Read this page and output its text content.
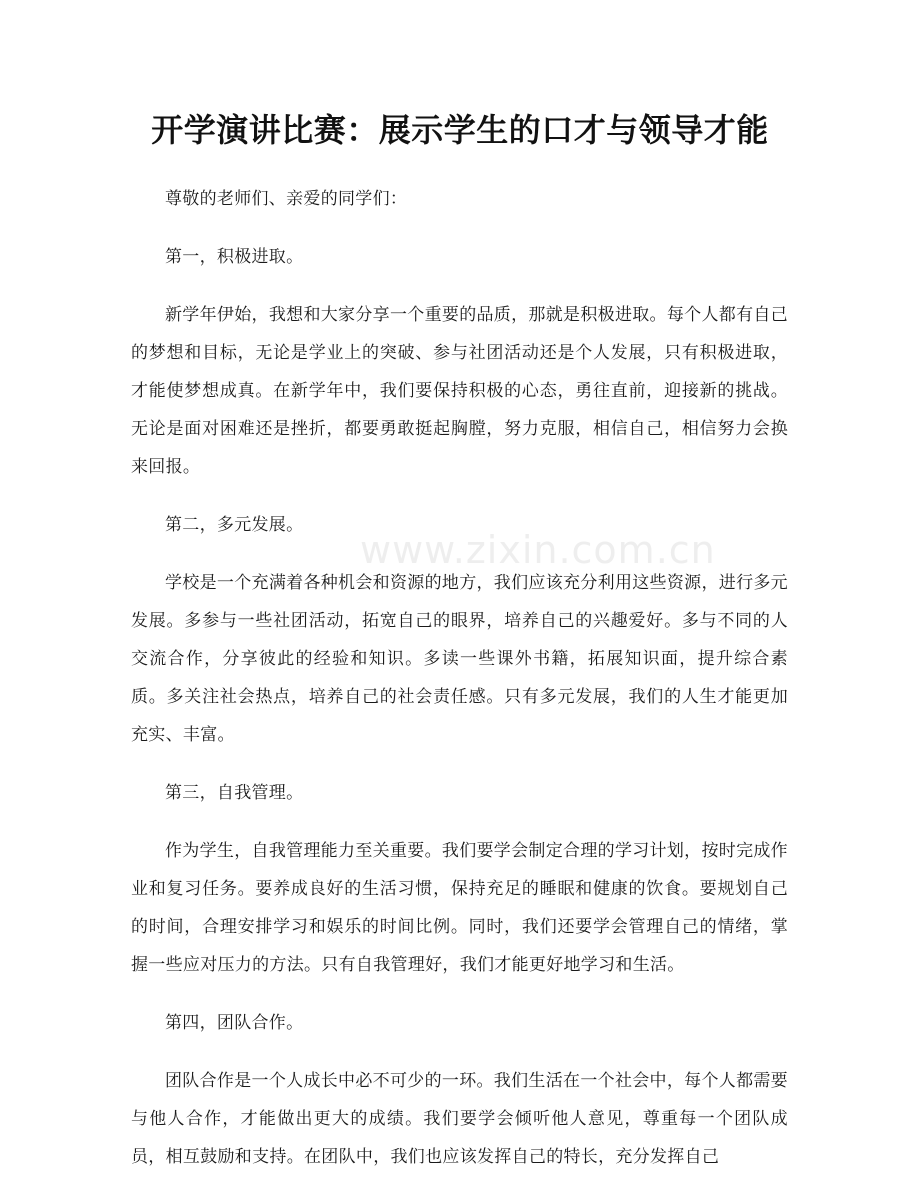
开学演讲比赛：展示学生的口才与领导才能
www.zixin.com.cn

尊敬的老师们、亲爱的同学们：

第一，积极进取。

新学年伊始，我想和大家分享一个重要的品质，那就是积极进取。每个人都有自己的梦想和目标，无论是学业上的突破、参与社团活动还是个人发展，只有积极进取，才能使梦想成真。在新学年中，我们要保持积极的心态，勇往直前，迎接新的挑战。无论是面对困难还是挫折，都要勇敢挺起胸膛，努力克服，相信自己，相信努力会换来回报。

第二，多元发展。

学校是一个充满着各种机会和资源的地方，我们应该充分利用这些资源，进行多元发展。多参与一些社团活动，拓宽自己的眼界，培养自己的兴趣爱好。多与不同的人交流合作，分享彼此的经验和知识。多读一些课外书籍，拓展知识面，提升综合素质。多关注社会热点，培养自己的社会责任感。只有多元发展，我们的人生才能更加充实、丰富。

第三，自我管理。

作为学生，自我管理能力至关重要。我们要学会制定合理的学习计划，按时完成作业和复习任务。要养成良好的生活习惯，保持充足的睡眠和健康的饮食。要规划自己的时间，合理安排学习和娱乐的时间比例。同时，我们还要学会管理自己的情绪，掌握一些应对压力的方法。只有自我管理好，我们才能更好地学习和生活。

第四，团队合作。

团队合作是一个人成长中必不可少的一环。我们生活在一个社会中，每个人都需要与他人合作，才能做出更大的成绩。我们要学会倾听他人意见，尊重每一个团队成员，相互鼓励和支持。在团队中，我们也应该发挥自己的特长，充分发挥自己
